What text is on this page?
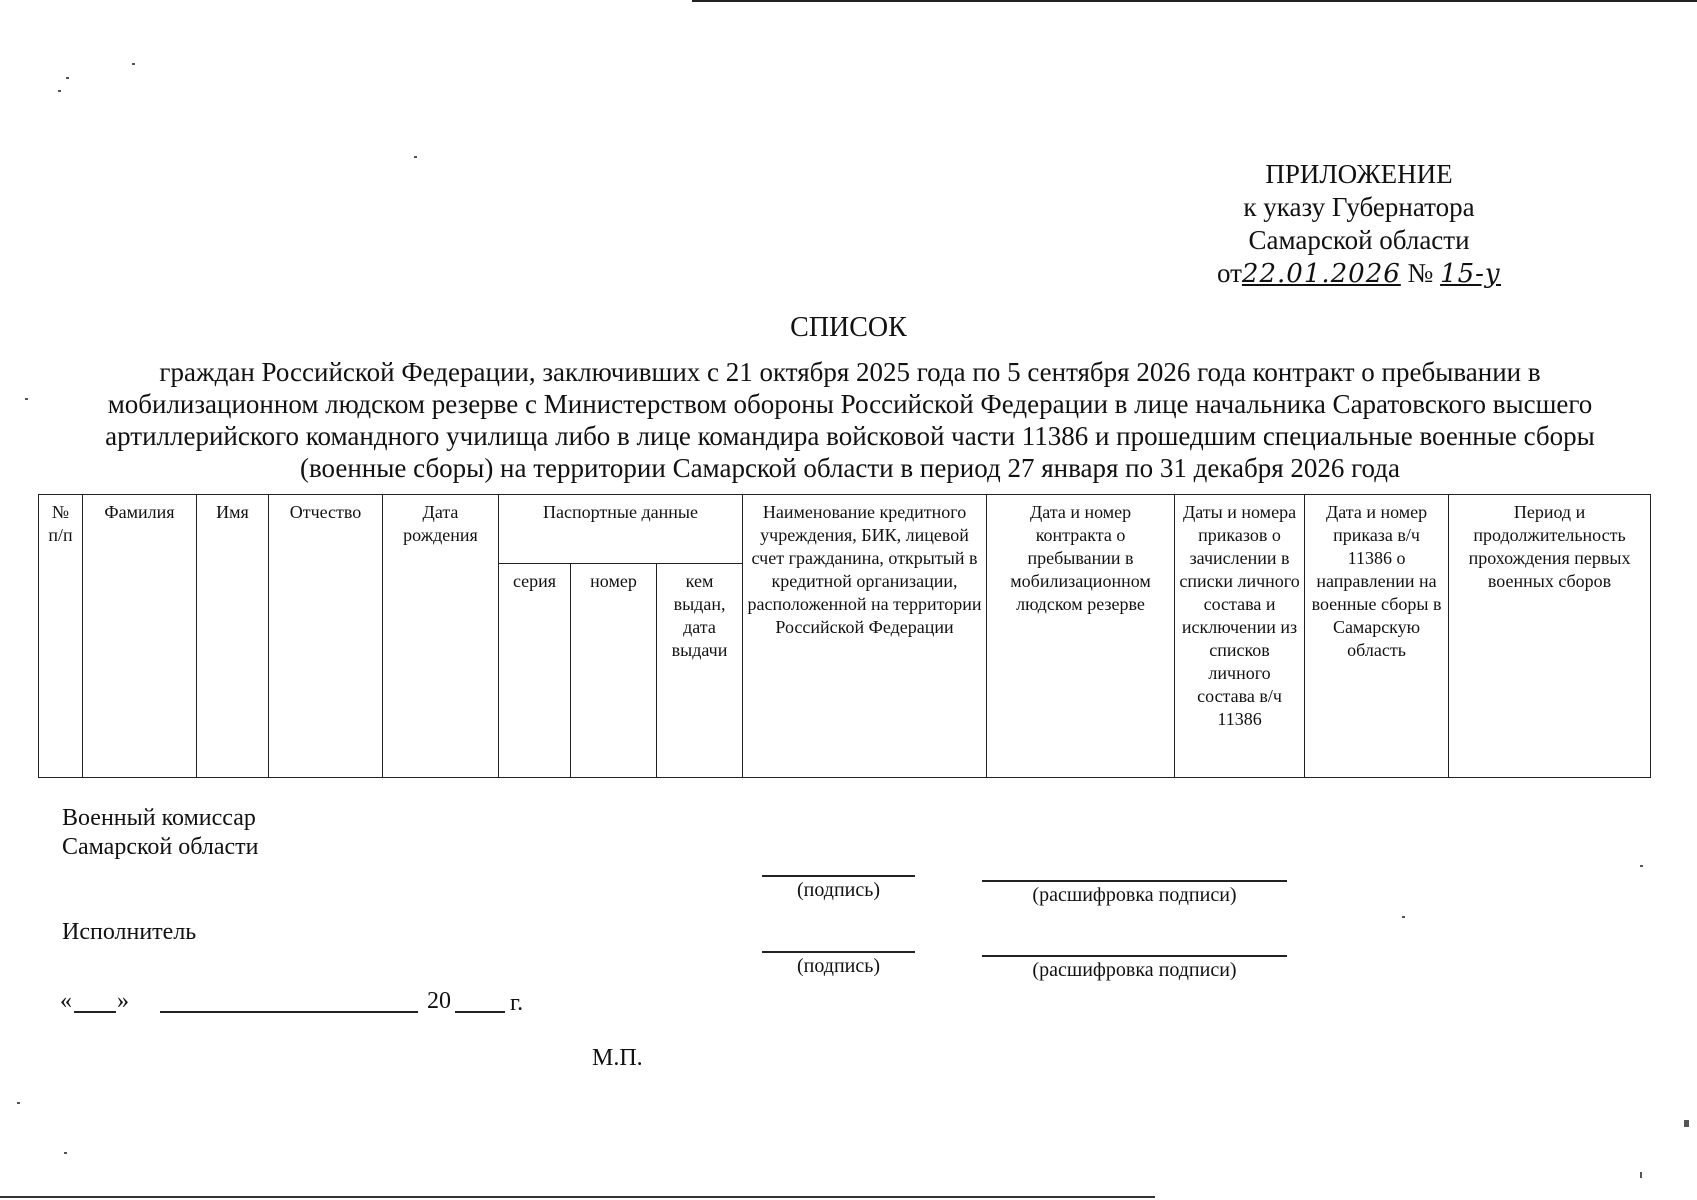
ПРИЛОЖЕНИЕ
к указу Губернатора
Самарской области
от22.01.2026 № 15-у
СПИСОК
граждан Российской Федерации, заключивших с 21 октября 2025 года по 5 сентября 2026 года контракт о пребывании в мобилизационном людском резерве с Министерством обороны Российской Федерации в лице начальника Саратовского высшего артиллерийского командного училища либо в лице командира войсковой части 11386 и прошедшим специальные военные сборы (военные сборы) на территории Самарской области в период 27 января по 31 декабря 2026 года
№ п/п	Фамилия	Имя	Отчество	Дата рождения	Паспортные данные			Наименование кредитного учреждения, БИК, лицевой счет гражданина, открытый в кредитной организации, расположенной на территории Российской Федерации	Дата и номер контракта о пребывании в мобилизационном людском резерве	Даты и номера приказов о зачислении в списки личного состава и исключении из списков личного состава в/ч 11386	Дата и номер приказа в/ч 11386 о направлении на военные сборы в Самарскую область	Период и продолжительность прохождения первых военных сборов
					серия	номер	кем выдан, дата выдачи					
Военный комиссар
Самарской области
(подпись)	(расшифровка подписи)
Исполнитель
(подпись)	(расшифровка подписи)
« »	20 г.
М.П.
